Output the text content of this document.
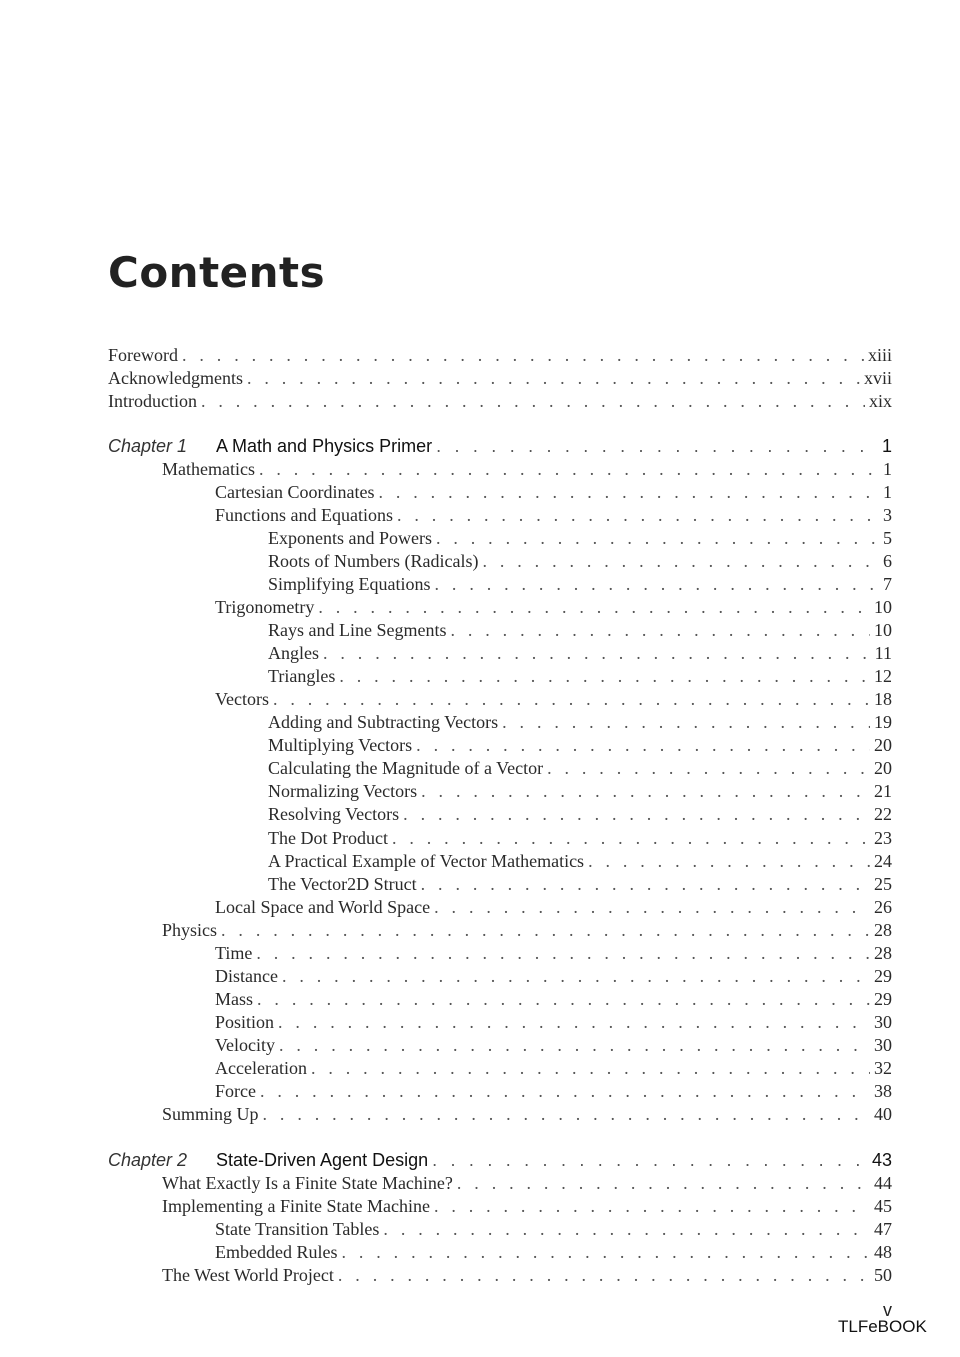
Contents
Foreword . . .	xiii
Acknowledgments . . .	xvii
Introduction . . .	xix
Chapter 1	A Math and Physics Primer . . .	1
Mathematics . . .	1
Cartesian Coordinates . . .	1
Functions and Equations . . .	3
Exponents and Powers . . .	5
Roots of Numbers (Radicals) . . .	6
Simplifying Equations . . .	7
Trigonometry . . .	10
Rays and Line Segments . . .	10
Angles . . .	11
Triangles . . .	12
Vectors . . .	18
Adding and Subtracting Vectors . . .	19
Multiplying Vectors . . .	20
Calculating the Magnitude of a Vector . . .	20
Normalizing Vectors . . .	21
Resolving Vectors . . .	22
The Dot Product . . .	23
A Practical Example of Vector Mathematics . . .	24
The Vector2D Struct . . .	25
Local Space and World Space . . .	26
Physics . . .	28
Time . . .	28
Distance . . .	29
Mass . . .	29
Position . . .	30
Velocity . . .	30
Acceleration . . .	32
Force . . .	38
Summing Up . . .	40
Chapter 2	State-Driven Agent Design . . .	43
What Exactly Is a Finite State Machine? . . .	44
Implementing a Finite State Machine . . .	45
State Transition Tables . . .	47
Embedded Rules . . .	48
The West World Project . . .	50
v
TLFeBOOK
